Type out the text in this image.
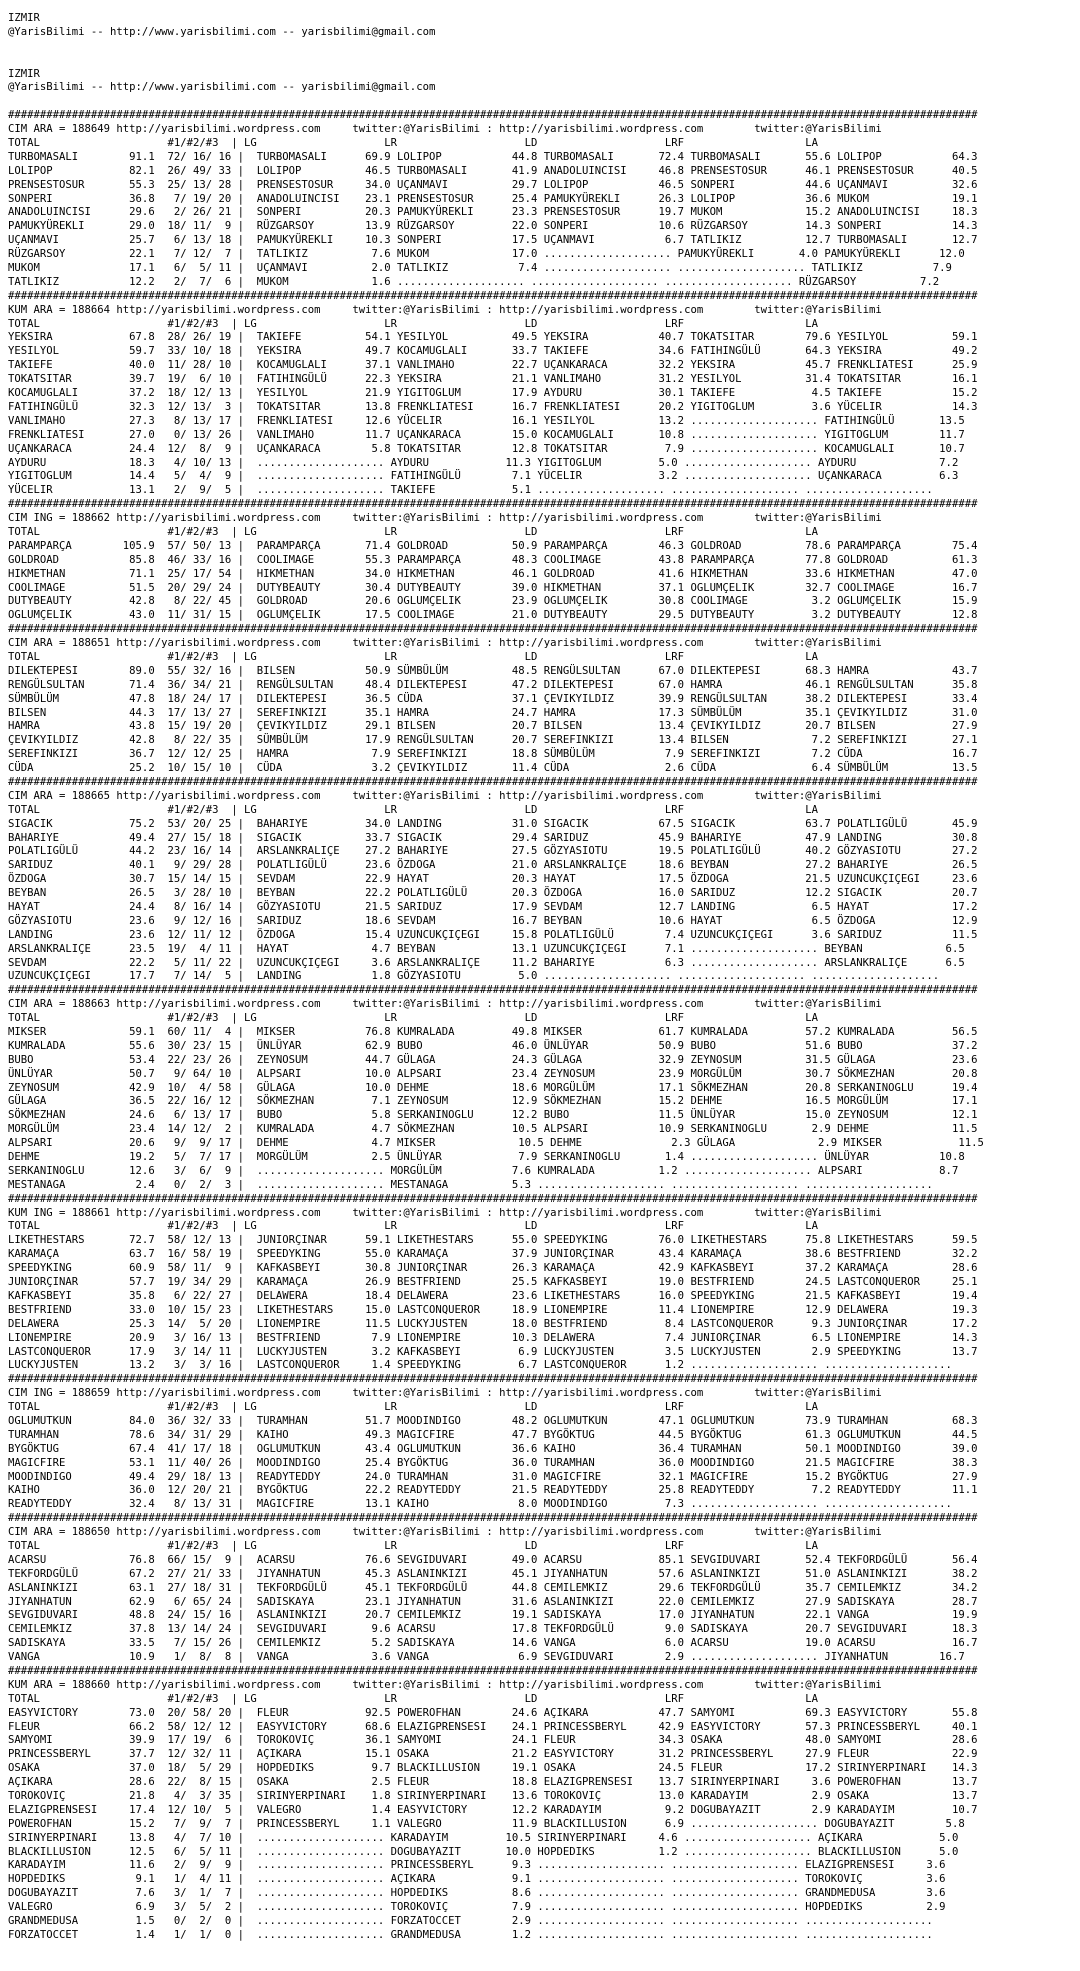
IZMIR
@YarisBilimi -- http://www.yarisbilimi.com -- yarisbilimi@gmail.com
IZMIR
@YarisBilimi -- http://www.yarisbilimi.com -- yarisbilimi@gmail.com
########################################################################################################################################################
CIM ARA = 188649 http://yarisbilimi.wordpress.com     twitter:@YarisBilimi : http://yarisbilimi.wordpress.com        twitter:@YarisBilimi
TOTAL                    #1/#2/#3  | LG                    LR                    LD                    LRF                   LA
TURBOMASALI        91.1  72/ 16/ 16 |  TURBOMASALI      69.9 LOLIPOP           44.8 TURBOMASALI       72.4 TURBOMASALI       55.6 LOLIPOP           64.3
LOLIPOP            82.1  26/ 49/ 33 |  LOLIPOP          46.5 TURBOMASALI       41.9 ANADOLUINCISI     46.8 PRENSESTOSUR      46.1 PRENSESTOSUR      40.5
PRENSESTOSUR       55.3  25/ 13/ 28 |  PRENSESTOSUR     34.0 UÇANMAVI          29.7 LOLIPOP           46.5 SONPERI           44.6 UÇANMAVI          32.6
SONPERI            36.8   7/ 19/ 20 |  ANADOLUINCISI    23.1 PRENSESTOSUR      25.4 PAMUKYÜREKLI      26.3 LOLIPOP           36.6 MUKOM             19.1
ANADOLUINCISI      29.6   2/ 26/ 21 |  SONPERI          20.3 PAMUKYÜREKLI      23.3 PRENSESTOSUR      19.7 MUKOM             15.2 ANADOLUINCISI     18.3
PAMUKYÜREKLI       29.0  18/ 11/  9 |  RÜZGARSOY        13.9 RÜZGARSOY         22.0 SONPERI           10.6 RÜZGARSOY         14.3 SONPERI           14.3
UÇANMAVI           25.7   6/ 13/ 18 |  PAMUKYÜREKLI     10.3 SONPERI           17.5 UÇANMAVI           6.7 TATLIKIZ          12.7 TURBOMASALI       12.7
RÜZGARSOY          22.1   7/ 12/  7 |  TATLIKIZ          7.6 MUKOM             17.0 .................... PAMUKYÜREKLI       4.0 PAMUKYÜREKLI      12.0
MUKOM              17.1   6/  5/ 11 |  UÇANMAVI          2.0 TATLIKIZ           7.4 .................... .................... TATLIKIZ           7.9
TATLIKIZ           12.2   2/  7/  6 |  MUKOM             1.6 .................... .................... .................... RÜZGARSOY          7.2
########################################################################################################################################################
KUM ARA = 188664 http://yarisbilimi.wordpress.com     twitter:@YarisBilimi : http://yarisbilimi.wordpress.com        twitter:@YarisBilimi
TOTAL                    #1/#2/#3  | LG                    LR                    LD                    LRF                   LA
YEKSIRA            67.8  28/ 26/ 19 |  TAKIEFE          54.1 YESILYOL          49.5 YEKSIRA           40.7 TOKATSITAR        79.6 YESILYOL          59.1
YESILYOL           59.7  33/ 10/ 18 |  YEKSIRA          49.7 KOCAMUGLALI       33.7 TAKIEFE           34.6 FATIHINGÜLÜ       64.3 YEKSIRA           49.2
TAKIEFE            40.0  11/ 28/ 10 |  KOCAMUGLALI      37.1 VANLIMAHO         22.7 UÇANKARACA        32.2 YEKSIRA           45.7 FRENKLIATESI      25.9
TOKATSITAR         39.7  19/  6/ 10 |  FATIHINGÜLÜ      22.3 YEKSIRA           21.1 VANLIMAHO         31.2 YESILYOL          31.4 TOKATSITAR        16.1
KOCAMUGLALI        37.2  18/ 12/ 13 |  YESILYOL         21.9 YIGITOGLUM        17.9 AYDURU            30.1 TAKIEFE            4.5 TAKIEFE           15.2
FATIHINGÜLÜ        32.3  12/ 13/  3 |  TOKATSITAR       13.8 FRENKLIATESI      16.7 FRENKLIATESI      20.2 YIGITOGLUM         3.6 YÜCELIR           14.3
VANLIMAHO          27.3   8/ 13/ 17 |  FRENKLIATESI     12.6 YÜCELIR           16.1 YESILYOL          13.2 .................... FATIHINGÜLÜ       13.5
FRENKLIATESI       27.0   0/ 13/ 26 |  VANLIMAHO        11.7 UÇANKARACA        15.0 KOCAMUGLALI       10.8 .................... YIGITOGLUM        11.7
UÇANKARACA         24.4  12/  8/  9 |  UÇANKARACA        5.8 TOKATSITAR        12.8 TOKATSITAR         7.9 .................... KOCAMUGLALI       10.7
AYDURU             18.3   4/ 10/ 13 |  .................... AYDURU            11.3 YIGITOGLUM         5.0 .................... AYDURU             7.2
YIGITOGLUM         14.4   5/  4/  9 |  .................... FATIHINGÜLÜ        7.1 YÜCELIR            3.2 .................... UÇANKARACA         6.3
YÜCELIR            13.1   2/  9/  5 |  .................... TAKIEFE            5.1 .................... .................... ....................
########################################################################################################################################################
CIM ING = 188662 http://yarisbilimi.wordpress.com     twitter:@YarisBilimi : http://yarisbilimi.wordpress.com        twitter:@YarisBilimi
TOTAL                    #1/#2/#3  | LG                    LR                    LD                    LRF                   LA
PARAMPARÇA        105.9  57/ 50/ 13 |  PARAMPARÇA       71.4 GOLDROAD          50.9 PARAMPARÇA        46.3 GOLDROAD          78.6 PARAMPARÇA        75.4
GOLDROAD           85.8  46/ 33/ 16 |  COOLIMAGE        55.3 PARAMPARÇA        48.3 COOLIMAGE         43.8 PARAMPARÇA        77.8 GOLDROAD          61.3
HIKMETHAN          71.1  25/ 17/ 54 |  HIKMETHAN        34.0 HIKMETHAN         46.1 GOLDROAD          41.6 HIKMETHAN         33.6 HIKMETHAN         47.0
COOLIMAGE          51.5  20/ 29/ 24 |  DUTYBEAUTY       30.4 DUTYBEAUTY        39.0 HIKMETHAN         37.1 OGLUMÇELIK        32.7 COOLIMAGE         16.7
DUTYBEAUTY         42.8   8/ 22/ 45 |  GOLDROAD         20.6 OGLUMÇELIK        23.9 OGLUMÇELIK        30.8 COOLIMAGE          3.2 OGLUMÇELIK        15.9
OGLUMÇELIK         43.0  11/ 31/ 15 |  OGLUMÇELIK       17.5 COOLIMAGE         21.0 DUTYBEAUTY        29.5 DUTYBEAUTY         3.2 DUTYBEAUTY        12.8
########################################################################################################################################################
CIM ARA = 188651 http://yarisbilimi.wordpress.com     twitter:@YarisBilimi : http://yarisbilimi.wordpress.com        twitter:@YarisBilimi
TOTAL                    #1/#2/#3  | LG                    LR                    LD                    LRF                   LA
DILEKTEPESI        89.0  55/ 32/ 16 |  BILSEN           50.9 SÜMBÜLÜM          48.5 RENGÜLSULTAN      67.0 DILEKTEPESI       68.3 HAMRA             43.7
RENGÜLSULTAN       71.4  36/ 34/ 21 |  RENGÜLSULTAN     48.4 DILEKTEPESI       47.2 DILEKTEPESI       67.0 HAMRA             46.1 RENGÜLSULTAN      35.8
SÜMBÜLÜM           47.8  18/ 24/ 17 |  DILEKTEPESI      36.5 CÜDA              37.1 ÇEVIKYILDIZ       39.9 RENGÜLSULTAN      38.2 DILEKTEPESI       33.4
BILSEN             44.3  17/ 13/ 27 |  SEREFINKIZI      35.1 HAMRA             24.7 HAMRA             17.3 SÜMBÜLÜM          35.1 ÇEVIKYILDIZ       31.0
HAMRA              43.8  15/ 19/ 20 |  ÇEVIKYILDIZ      29.1 BILSEN            20.7 BILSEN            13.4 ÇEVIKYILDIZ       20.7 BILSEN            27.9
ÇEVIKYILDIZ        42.8   8/ 22/ 35 |  SÜMBÜLÜM         17.9 RENGÜLSULTAN      20.7 SEREFINKIZI       13.4 BILSEN             7.2 SEREFINKIZI       27.1
SEREFINKIZI        36.7  12/ 12/ 25 |  HAMRA             7.9 SEREFINKIZI       18.8 SÜMBÜLÜM           7.9 SEREFINKIZI        7.2 CÜDA              16.7
CÜDA               25.2  10/ 15/ 10 |  CÜDA              3.2 ÇEVIKYILDIZ       11.4 CÜDA               2.6 CÜDA               6.4 SÜMBÜLÜM          13.5
########################################################################################################################################################
CIM ARA = 188665 http://yarisbilimi.wordpress.com     twitter:@YarisBilimi : http://yarisbilimi.wordpress.com        twitter:@YarisBilimi
TOTAL                    #1/#2/#3  | LG                    LR                    LD                    LRF                   LA
SIGACIK            75.2  53/ 20/ 25 |  BAHARIYE         34.0 LANDING           31.0 SIGACIK           67.5 SIGACIK           63.7 POLATLIGÜLÜ       45.9
BAHARIYE           49.4  27/ 15/ 18 |  SIGACIK          33.7 SIGACIK           29.4 SARIDUZ           45.9 BAHARIYE          47.9 LANDING           30.8
POLATLIGÜLÜ        44.2  23/ 16/ 14 |  ARSLANKRALIÇE    27.2 BAHARIYE          27.5 GÖZYASIOTU        19.5 POLATLIGÜLÜ       40.2 GÖZYASIOTU        27.2
SARIDUZ            40.1   9/ 29/ 28 |  POLATLIGÜLÜ      23.6 ÖZDOGA            21.0 ARSLANKRALIÇE     18.6 BEYBAN            27.2 BAHARIYE          26.5
ÖZDOGA             30.7  15/ 14/ 15 |  SEVDAM           22.9 HAYAT             20.3 HAYAT             17.5 ÖZDOGA            21.5 UZUNCUKÇIÇEGI     23.6
BEYBAN             26.5   3/ 28/ 10 |  BEYBAN           22.2 POLATLIGÜLÜ       20.3 ÖZDOGA            16.0 SARIDUZ           12.2 SIGACIK           20.7
HAYAT              24.4   8/ 16/ 14 |  GÖZYASIOTU       21.5 SARIDUZ           17.9 SEVDAM            12.7 LANDING            6.5 HAYAT             17.2
GÖZYASIOTU         23.6   9/ 12/ 16 |  SARIDUZ          18.6 SEVDAM            16.7 BEYBAN            10.6 HAYAT              6.5 ÖZDOGA            12.9
LANDING            23.6  12/ 11/ 12 |  ÖZDOGA           15.4 UZUNCUKÇIÇEGI     15.8 POLATLIGÜLÜ        7.4 UZUNCUKÇIÇEGI      3.6 SARIDUZ           11.5
ARSLANKRALIÇE      23.5  19/  4/ 11 |  HAYAT             4.7 BEYBAN            13.1 UZUNCUKÇIÇEGI      7.1 .................... BEYBAN             6.5
SEVDAM             22.2   5/ 11/ 22 |  UZUNCUKÇIÇEGI     3.6 ARSLANKRALIÇE     11.2 BAHARIYE           6.3 .................... ARSLANKRALIÇE      6.5
UZUNCUKÇIÇEGI      17.7   7/ 14/  5 |  LANDING           1.8 GÖZYASIOTU         5.0 .................... .................... ....................
########################################################################################################################################################
CIM ARA = 188663 http://yarisbilimi.wordpress.com     twitter:@YarisBilimi : http://yarisbilimi.wordpress.com        twitter:@YarisBilimi
TOTAL                    #1/#2/#3  | LG                    LR                    LD                    LRF                   LA
MIKSER             59.1  60/ 11/  4 |  MIKSER           76.8 KUMRALADA         49.8 MIKSER            61.7 KUMRALADA         57.2 KUMRALADA         56.5
KUMRALADA          55.6  30/ 23/ 15 |  ÜNLÜYAR          62.9 BUBO              46.0 ÜNLÜYAR           50.9 BUBO              51.6 BUBO              37.2
BUBO               53.4  22/ 23/ 26 |  ZEYNOSUM         44.7 GÜLAGA            24.3 GÜLAGA            32.9 ZEYNOSUM          31.5 GÜLAGA            23.6
ÜNLÜYAR            50.7   9/ 64/ 10 |  ALPSARI          10.0 ALPSARI           23.4 ZEYNOSUM          23.9 MORGÜLÜM          30.7 SÖKMEZHAN         20.8
ZEYNOSUM           42.9  10/  4/ 58 |  GÜLAGA           10.0 DEHME             18.6 MORGÜLÜM          17.1 SÖKMEZHAN         20.8 SERKANINOGLU      19.4
GÜLAGA             36.5  22/ 16/ 12 |  SÖKMEZHAN         7.1 ZEYNOSUM          12.9 SÖKMEZHAN         15.2 DEHME             16.5 MORGÜLÜM          17.1
SÖKMEZHAN          24.6   6/ 13/ 17 |  BUBO              5.8 SERKANINOGLU      12.2 BUBO              11.5 ÜNLÜYAR           15.0 ZEYNOSUM          12.1
MORGÜLÜM           23.4  14/ 12/  2 |  KUMRALADA         4.7 SÖKMEZHAN         10.5 ALPSARI           10.9 SERKANINOGLU       2.9 DEHME             11.5
ALPSARI            20.6   9/  9/ 17 |  DEHME             4.7 MIKSER             10.5 DEHME              2.3 GÜLAGA             2.9 MIKSER            11.5
DEHME              19.2   5/  7/ 17 |  MORGÜLÜM          2.5 ÜNLÜYAR            7.9 SERKANINOGLU       1.4 .................... ÜNLÜYAR           10.8
SERKANINOGLU       12.6   3/  6/  9 |  .................... MORGÜLÜM           7.6 KUMRALADA          1.2 .................... ALPSARI            8.7
MESTANAGA           2.4   0/  2/  3 |  .................... MESTANAGA          5.3 .................... .................... ....................
########################################################################################################################################################
KUM ING = 188661 http://yarisbilimi.wordpress.com     twitter:@YarisBilimi : http://yarisbilimi.wordpress.com        twitter:@YarisBilimi
TOTAL                    #1/#2/#3  | LG                    LR                    LD                    LRF                   LA
LIKETHESTARS       72.7  58/ 12/ 13 |  JUNIORÇINAR      59.1 LIKETHESTARS      55.0 SPEEDYKING        76.0 LIKETHESTARS      75.8 LIKETHESTARS      59.5
KARAMAÇA           63.7  16/ 58/ 19 |  SPEEDYKING       55.0 KARAMAÇA          37.9 JUNIORÇINAR       43.4 KARAMAÇA          38.6 BESTFRIEND        32.2
SPEEDYKING         60.9  58/ 11/  9 |  KAFKASBEYI       30.8 JUNIORÇINAR       26.3 KARAMAÇA          42.9 KAFKASBEYI        37.2 KARAMAÇA          28.6
JUNIORÇINAR        57.7  19/ 34/ 29 |  KARAMAÇA         26.9 BESTFRIEND        25.5 KAFKASBEYI        19.0 BESTFRIEND        24.5 LASTCONQUEROR     25.1
KAFKASBEYI         35.8   6/ 22/ 27 |  DELAWERA         18.4 DELAWERA          23.6 LIKETHESTARS      16.0 SPEEDYKING        21.5 KAFKASBEYI        19.4
BESTFRIEND         33.0  10/ 15/ 23 |  LIKETHESTARS     15.0 LASTCONQUEROR     18.9 LIONEMPIRE        11.4 LIONEMPIRE        12.9 DELAWERA          19.3
DELAWERA           25.3  14/  5/ 20 |  LIONEMPIRE       11.5 LUCKYJUSTEN       18.0 BESTFRIEND         8.4 LASTCONQUEROR      9.3 JUNIORÇINAR       17.2
LIONEMPIRE         20.9   3/ 16/ 13 |  BESTFRIEND        7.9 LIONEMPIRE        10.3 DELAWERA           7.4 JUNIORÇINAR        6.5 LIONEMPIRE        14.3
LASTCONQUEROR      17.9   3/ 14/ 11 |  LUCKYJUSTEN       3.2 KAFKASBEYI         6.9 LUCKYJUSTEN        3.5 LUCKYJUSTEN        2.9 SPEEDYKING        13.7
LUCKYJUSTEN        13.2   3/  3/ 16 |  LASTCONQUEROR     1.4 SPEEDYKING         6.7 LASTCONQUEROR      1.2 .................... ....................
########################################################################################################################################################
CIM ING = 188659 http://yarisbilimi.wordpress.com     twitter:@YarisBilimi : http://yarisbilimi.wordpress.com        twitter:@YarisBilimi
TOTAL                    #1/#2/#3  | LG                    LR                    LD                    LRF                   LA
OGLUMUTKUN         84.0  36/ 32/ 33 |  TURAMHAN         51.7 MOODINDIGO        48.2 OGLUMUTKUN        47.1 OGLUMUTKUN        73.9 TURAMHAN          68.3
TURAMHAN           78.6  34/ 31/ 29 |  KAIHO            49.3 MAGICFIRE         47.7 BYGÖKTUG          44.5 BYGÖKTUG          61.3 OGLUMUTKUN        44.5
BYGÖKTUG           67.4  41/ 17/ 18 |  OGLUMUTKUN       43.4 OGLUMUTKUN        36.6 KAIHO             36.4 TURAMHAN          50.1 MOODINDIGO        39.0
MAGICFIRE          53.1  11/ 40/ 26 |  MOODINDIGO       25.4 BYGÖKTUG          36.0 TURAMHAN          36.0 MOODINDIGO        21.5 MAGICFIRE         38.3
MOODINDIGO         49.4  29/ 18/ 13 |  READYTEDDY       24.0 TURAMHAN          31.0 MAGICFIRE         32.1 MAGICFIRE         15.2 BYGÖKTUG          27.9
KAIHO              36.0  12/ 20/ 21 |  BYGÖKTUG         22.2 READYTEDDY        21.5 READYTEDDY        25.8 READYTEDDY         7.2 READYTEDDY        11.1
READYTEDDY         32.4   8/ 13/ 31 |  MAGICFIRE        13.1 KAIHO              8.0 MOODINDIGO         7.3 .................... ....................
########################################################################################################################################################
CIM ARA = 188650 http://yarisbilimi.wordpress.com     twitter:@YarisBilimi : http://yarisbilimi.wordpress.com        twitter:@YarisBilimi
TOTAL                    #1/#2/#3  | LG                    LR                    LD                    LRF                   LA
ACARSU             76.8  66/ 15/  9 |  ACARSU           76.6 SEVGIDUVARI       49.0 ACARSU            85.1 SEVGIDUVARI       52.4 TEKFORDGÜLÜ       56.4
TEKFORDGÜLÜ        67.2  27/ 21/ 33 |  JIYANHATUN       45.3 ASLANINKIZI       45.1 JIYANHATUN        57.6 ASLANINKIZI       51.0 ASLANINKIZI       38.2
ASLANINKIZI        63.1  27/ 18/ 31 |  TEKFORDGÜLÜ      45.1 TEKFORDGÜLÜ       44.8 CEMILEMKIZ        29.6 TEKFORDGÜLÜ       35.7 CEMILEMKIZ        34.2
JIYANHATUN         62.9   6/ 65/ 24 |  SADISKAYA        23.1 JIYANHATUN        31.6 ASLANINKIZI       22.0 CEMILEMKIZ        27.9 SADISKAYA         28.7
SEVGIDUVARI        48.8  24/ 15/ 16 |  ASLANINKIZI      20.7 CEMILEMKIZ        19.1 SADISKAYA         17.0 JIYANHATUN        22.1 VANGA             19.9
CEMILEMKIZ         37.8  13/ 14/ 24 |  SEVGIDUVARI       9.6 ACARSU            17.8 TEKFORDGÜLÜ        9.0 SADISKAYA         20.7 SEVGIDUVARI       18.3
SADISKAYA          33.5   7/ 15/ 26 |  CEMILEMKIZ        5.2 SADISKAYA         14.6 VANGA              6.0 ACARSU            19.0 ACARSU            16.7
VANGA              10.9   1/  8/  8 |  VANGA             3.6 VANGA              6.9 SEVGIDUVARI        2.9 .................... JIYANHATUN        16.7
########################################################################################################################################################
KUM ARA = 188660 http://yarisbilimi.wordpress.com     twitter:@YarisBilimi : http://yarisbilimi.wordpress.com        twitter:@YarisBilimi
TOTAL                    #1/#2/#3  | LG                    LR                    LD                    LRF                   LA
EASYVICTORY        73.0  20/ 58/ 20 |  FLEUR            92.5 POWEROFHAN        24.6 AÇIKARA           47.7 SAMYOMI           69.3 EASYVICTORY       55.8
FLEUR              66.2  58/ 12/ 12 |  EASYVICTORY      68.6 ELAZIGPRENSESI    24.1 PRINCESSBERYL     42.9 EASYVICTORY       57.3 PRINCESSBERYL     40.1
SAMYOMI            39.9  17/ 19/  6 |  TOROKOVIÇ        36.1 SAMYOMI           24.1 FLEUR             34.3 OSAKA             48.0 SAMYOMI           28.6
PRINCESSBERYL      37.7  12/ 32/ 11 |  AÇIKARA          15.1 OSAKA             21.2 EASYVICTORY       31.2 PRINCESSBERYL     27.9 FLEUR             22.9
OSAKA              37.0  18/  5/ 29 |  HOPDEDIKS         9.7 BLACKILLUSION     19.1 OSAKA             24.5 FLEUR             17.2 SIRINYERPINARI    14.3
AÇIKARA            28.6  22/  8/ 15 |  OSAKA             2.5 FLEUR             18.8 ELAZIGPRENSESI    13.7 SIRINYERPINARI     3.6 POWEROFHAN        13.7
TOROKOVIÇ          21.8   4/  3/ 35 |  SIRINYERPINARI    1.8 SIRINYERPINARI    13.6 TOROKOVIÇ         13.0 KARADAYIM          2.9 OSAKA             13.7
ELAZIGPRENSESI     17.4  12/ 10/  5 |  VALEGRO           1.4 EASYVICTORY       12.2 KARADAYIM          9.2 DOGUBAYAZIT        2.9 KARADAYIM         10.7
POWEROFHAN         15.2   7/  9/  7 |  PRINCESSBERYL     1.1 VALEGRO           11.9 BLACKILLUSION      6.9 .................... DOGUBAYAZIT        5.8
SIRINYERPINARI     13.8   4/  7/ 10 |  .................... KARADAYIM         10.5 SIRINYERPINARI     4.6 .................... AÇIKARA            5.0
BLACKILLUSION      12.5   6/  5/ 11 |  .................... DOGUBAYAZIT       10.0 HOPDEDIKS          1.2 .................... BLACKILLUSION      5.0
KARADAYIM          11.6   2/  9/  9 |  .................... PRINCESSBERYL      9.3 .................... .................... ELAZIGPRENSESI     3.6
HOPDEDIKS           9.1   1/  4/ 11 |  .................... AÇIKARA            9.1 .................... .................... TOROKOVIÇ          3.6
DOGUBAYAZIT         7.6   3/  1/  7 |  .................... HOPDEDIKS          8.6 .................... .................... GRANDMEDUSA        3.6
VALEGRO             6.9   3/  5/  2 |  .................... TOROKOVIÇ          7.9 .................... .................... HOPDEDIKS          2.9
GRANDMEDUSA         1.5   0/  2/  0 |  .................... FORZATOCCET        2.9 .................... .................... ....................
FORZATOCCET         1.4   1/  1/  0 |  .................... GRANDMEDUSA        1.2 .................... .................... ....................
